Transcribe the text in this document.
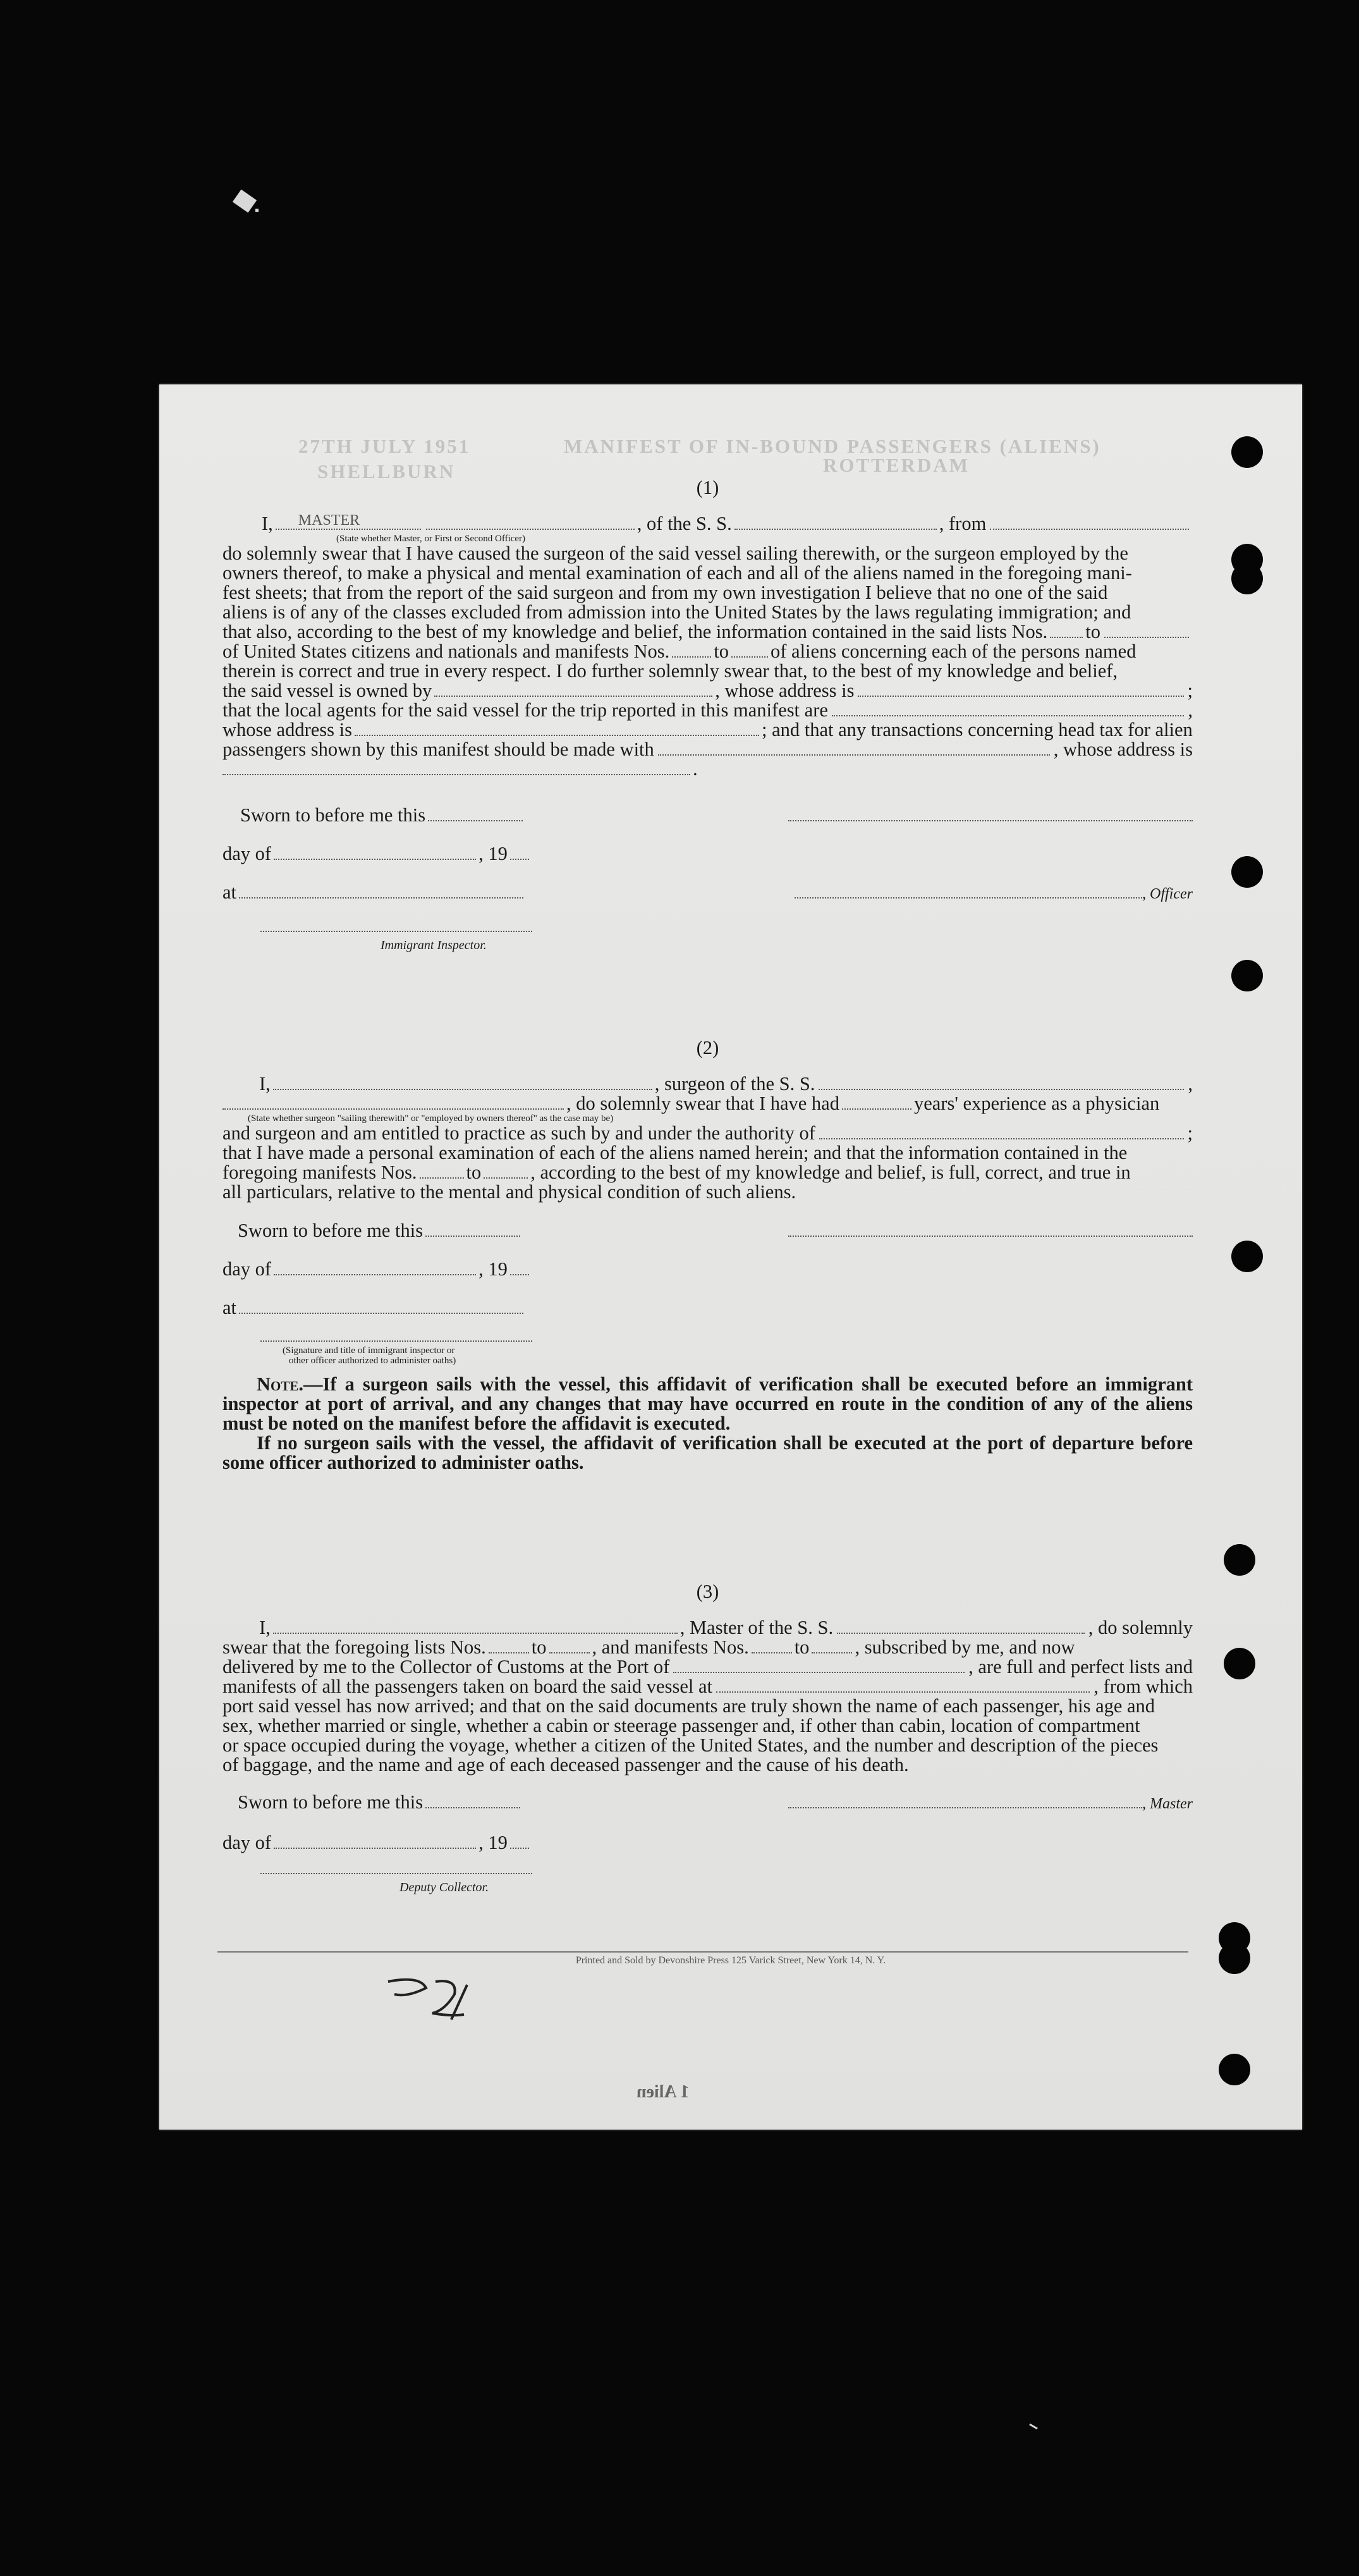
27TH JULY 1951	MANIFEST OF IN-BOUND PASSENGERS (ALIENS)
SHELLBURN	ROTTERDAM

(1)

I, MASTER	, of the S. S.	, from

(State whether Master, or First or Second Officer)

do solemnly swear that I have caused the surgeon of the said vessel sailing therewith, or the surgeon employed by the

owners thereof, to make a physical and mental examination of each and all of the aliens named in the foregoing mani-

fest sheets; that from the report of the said surgeon and from my own investigation I believe that no one of the said

aliens is of any of the classes excluded from admission into the United States by the laws regulating immigration; and

that also, according to the best of my knowledge and belief, the information contained in the said lists Nos. to

of United States citizens and nationals and manifests Nos. to of aliens concerning each of the persons named

therein is correct and true in every respect. I do further solemnly swear that, to the best of my knowledge and belief,

the said vessel is owned by	, whose address is	;

that the local agents for the said vessel for the trip reported in this manifest are	,

whose address is	; and that any transactions concerning head tax for alien

passengers shown by this manifest should be made with	, whose address is

.

Sworn to before me this
day of	, 19
at	, Officer
Immigrant Inspector.

(2)

I,	, surgeon of the S. S.	,

, do solemnly swear that I have had	years' experience as a physician

(State whether surgeon "sailing therewith" or "employed by owners thereof" as the case may be)

and surgeon and am entitled to practice as such by and under the authority of	;

that I have made a personal examination of each of the aliens named herein; and that the information contained in the

foregoing manifests Nos.	to	, according to the best of my knowledge and belief, is full, correct, and true in

all particulars, relative to the mental and physical condition of such aliens.

Sworn to before me this
day of	, 19
at
(Signature and title of immigrant inspector or
other officer authorized to administer oaths)

Note.—If a surgeon sails with the vessel, this affidavit of verification shall be executed before an immigrant inspector at port of arrival, and any changes that may have occurred en route in the condition of any of the aliens must be noted on the manifest before the affidavit is executed.

If no surgeon sails with the vessel, the affidavit of verification shall be executed at the port of departure before some officer authorized to administer oaths.

(3)

I,	, Master of the S. S.	, do solemnly

swear that the foregoing lists Nos. to , and manifests Nos. to , subscribed by me, and now

delivered by me to the Collector of Customs at the Port of	, are full and perfect lists and

manifests of all the passengers taken on board the said vessel at	, from which

port said vessel has now arrived; and that on the said documents are truly shown the name of each passenger, his age and

sex, whether married or single, whether a cabin or steerage passenger and, if other than cabin, location of compartment

or space occupied during the voyage, whether a citizen of the United States, and the number and description of the pieces

of baggage, and the name and age of each deceased passenger and the cause of his death.

Sworn to before me this	, Master
day of	, 19
Deputy Collector.
Printed and Sold by Devonshire Press 125 Varick Street, New York 14, N. Y.
1 Alien
